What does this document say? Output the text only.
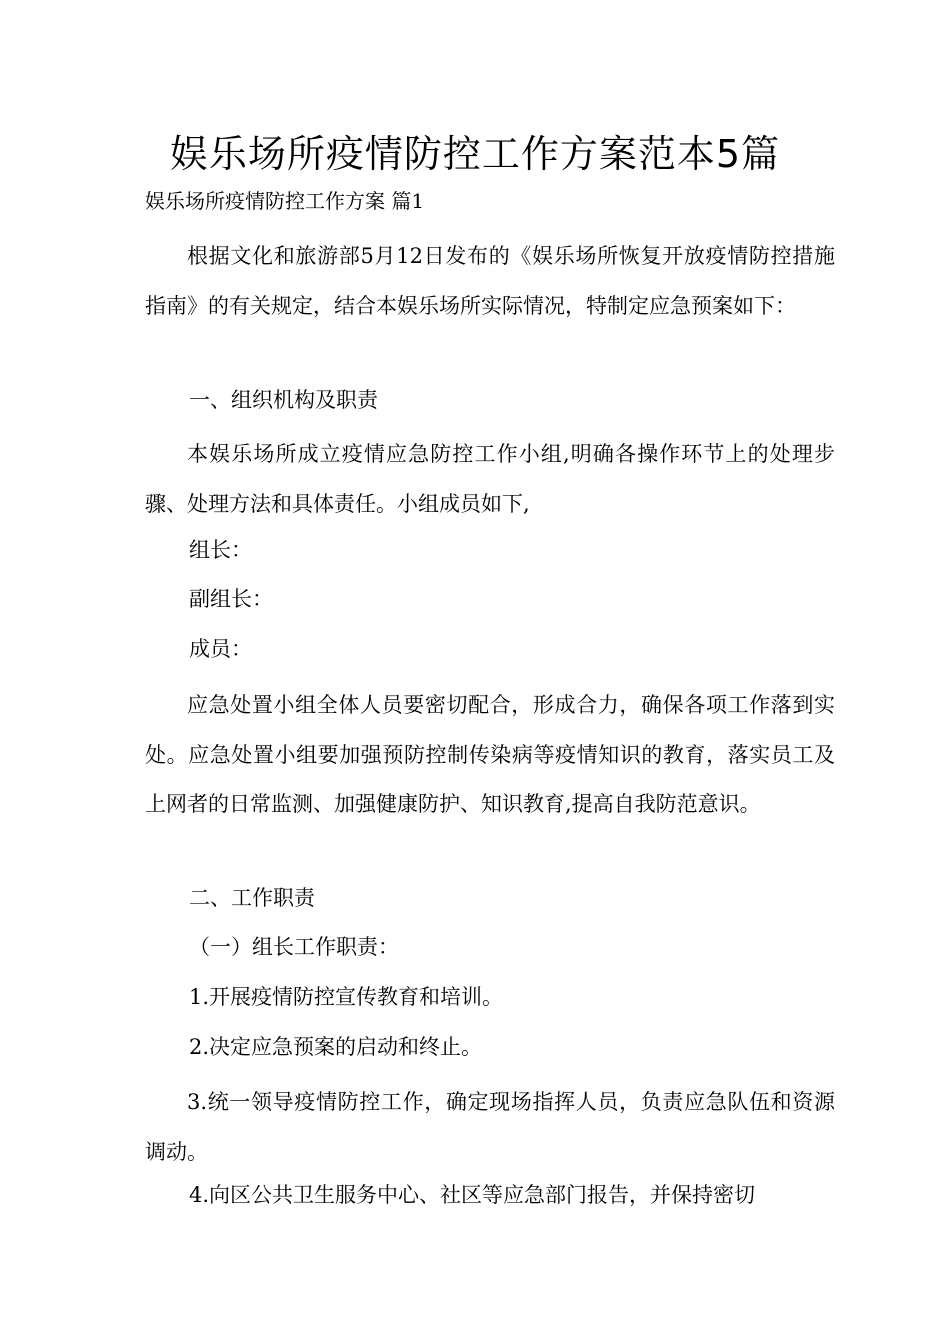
娱乐场所疫情防控工作方案范本5篇
娱乐场所疫情防控工作方案 篇1
根据文化和旅游部5月12日发布的《娱乐场所恢复开放疫情防控措施指南》的有关规定，结合本娱乐场所实际情况，特制定应急预案如下：
一、组织机构及职责
本娱乐场所成立疫情应急防控工作小组,明确各操作环节上的处理步骤、处理方法和具体责任。小组成员如下,
组长：
副组长：
成员：
应急处置小组全体人员要密切配合，形成合力，确保各项工作落到实处。应急处置小组要加强预防控制传染病等疫情知识的教育，落实员工及上网者的日常监测、加强健康防护、知识教育,提高自我防范意识。
二、工作职责
（一）组长工作职责：
1.开展疫情防控宣传教育和培训。
2.决定应急预案的启动和终止。
3.统一领导疫情防控工作，确定现场指挥人员，负责应急队伍和资源调动。
4.向区公共卫生服务中心、社区等应急部门报告，并保持密切
